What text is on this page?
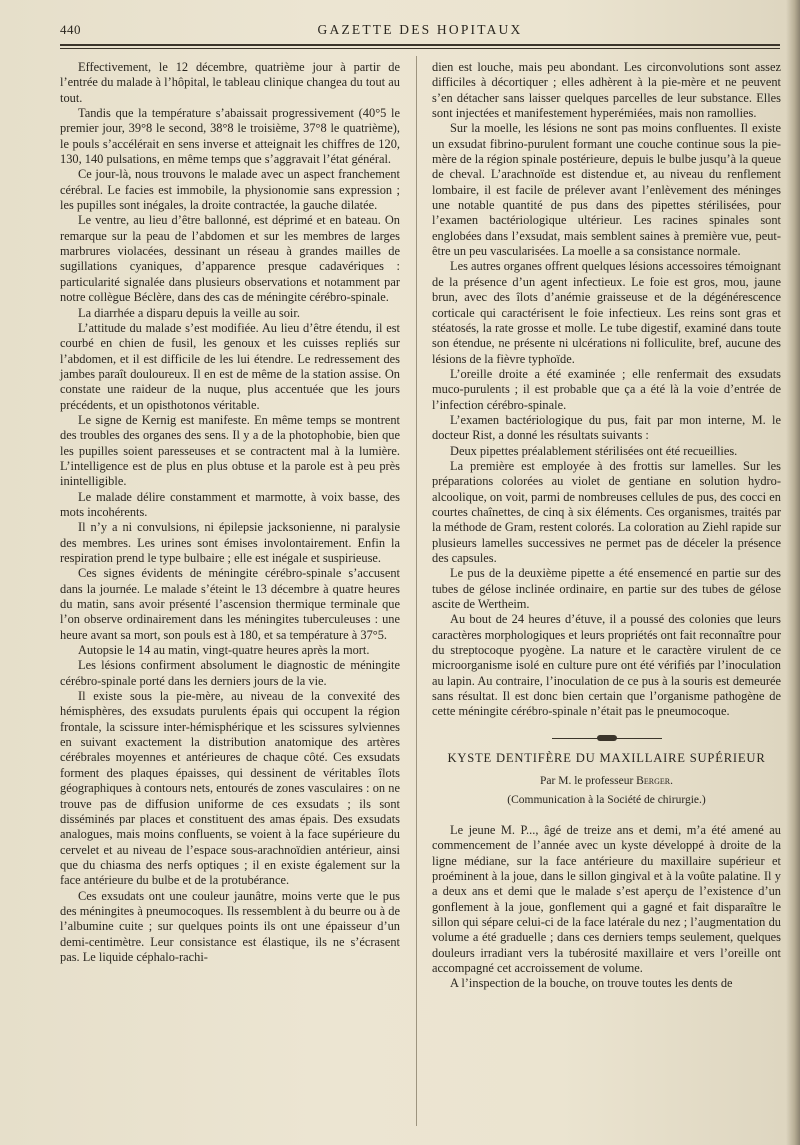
440	GAZETTE DES HOPITAUX

Effectivement, le 12 décembre, quatrième jour à partir de l’entrée du malade à l’hôpital, le tableau clinique changea du tout au tout.

Tandis que la température s’abaissait progressivement (40°5 le premier jour, 39°8 le second, 38°8 le troisième, 37°8 le quatrième), le pouls s’accélérait en sens inverse et atteignait les chiffres de 120, 130, 140 pulsations, en même temps que s’aggravait l’état général.

Ce jour-là, nous trouvons le malade avec un aspect franchement cérébral. Le facies est immobile, la physionomie sans expression ; les pupilles sont inégales, la droite contractée, la gauche dilatée.

Le ventre, au lieu d’être ballonné, est déprimé et en bateau. On remarque sur la peau de l’abdomen et sur les membres de larges marbrures violacées, dessinant un réseau à grandes mailles de sugillations cyaniques, d’apparence presque cadavériques : particularité signalée dans plusieurs observations et notamment par notre collègue Béclère, dans des cas de méningite cérébro-spinale.

La diarrhée a disparu depuis la veille au soir.

L’attitude du malade s’est modifiée. Au lieu d’être étendu, il est courbé en chien de fusil, les genoux et les cuisses repliés sur l’abdomen, et il est difficile de les lui étendre. Le redressement des jambes paraît douloureux. Il en est de même de la station assise. On constate une raideur de la nuque, plus accentuée que les jours précédents, et un opisthotonos véritable.

Le signe de Kernig est manifeste. En même temps se montrent des troubles des organes des sens. Il y a de la photophobie, bien que les pupilles soient paresseuses et se contractent mal à la lumière. L’intelligence est de plus en plus obtuse et la parole est à peu près inintelligible.

Le malade délire constamment et marmotte, à voix basse, des mots incohérents.

Il n’y a ni convulsions, ni épilepsie jacksonienne, ni paralysie des membres. Les urines sont émises involontairement. Enfin la respiration prend le type bulbaire ; elle est inégale et suspirieuse.

Ces signes évidents de méningite cérébro-spinale s’accusent dans la journée. Le malade s’éteint le 13 décembre à quatre heures du matin, sans avoir présenté l’ascension thermique terminale que l’on observe ordinairement dans les méningites tuberculeuses : une heure avant sa mort, son pouls est à 180, et sa température à 37°5.

Autopsie le 14 au matin, vingt-quatre heures après la mort.

Les lésions confirment absolument le diagnostic de méningite cérébro-spinale porté dans les derniers jours de la vie.

Il existe sous la pie-mère, au niveau de la convexité des hémisphères, des exsudats purulents épais qui occupent la région frontale, la scissure inter-hémisphérique et les scissures sylviennes en suivant exactement la distribution anatomique des artères cérébrales moyennes et antérieures de chaque côté. Ces exsudats forment des plaques épaisses, qui dessinent de véritables îlots géographiques à contours nets, entourés de zones vasculaires : on ne trouve pas de diffusion uniforme de ces exsudats ; ils sont disséminés par places et constituent des amas épais. Des exsudats analogues, mais moins confluents, se voient à la face supérieure du cervelet et au niveau de l’espace sous-arachnoïdien antérieur, ainsi que du chiasma des nerfs optiques ; il en existe également sur la face antérieure du bulbe et de la protubérance.

Ces exsudats ont une couleur jaunâtre, moins verte que le pus des méningites à pneumocoques. Ils ressemblent à du beurre ou à de l’albumine cuite ; sur quelques points ils ont une épaisseur d’un demi-centimètre. Leur consistance est élastique, ils ne s’écrasent pas. Le liquide céphalo-rachi-

dien est louche, mais peu abondant. Les circonvolutions sont assez difficiles à décortiquer ; elles adhèrent à la pie-mère et ne peuvent s’en détacher sans laisser quelques parcelles de leur substance. Elles sont injectées et manifestement hyperémiées, mais non ramollies.

Sur la moelle, les lésions ne sont pas moins confluentes. Il existe un exsudat fibrino-purulent formant une couche continue sous la pie-mère de la région spinale postérieure, depuis le bulbe jusqu’à la queue de cheval. L’arachnoïde est distendue et, au niveau du renflement lombaire, il est facile de prélever avant l’enlèvement des méninges une notable quantité de pus dans des pipettes stérilisées, pour l’examen bactériologique ultérieur. Les racines spinales sont englobées dans l’exsudat, mais semblent saines à première vue, peut-être un peu vascularisées. La moelle a sa consistance normale.

Les autres organes offrent quelques lésions accessoires témoignant de la présence d’un agent infectieux. Le foie est gros, mou, jaune brun, avec des îlots d’anémie graisseuse et de la dégénérescence corticale qui caractérisent le foie infectieux. Les reins sont gras et stéatosés, la rate grosse et molle. Le tube digestif, examiné dans toute son étendue, ne présente ni ulcérations ni folliculite, bref, aucune des lésions de la fièvre typhoïde.

L’oreille droite a été examinée ; elle renfermait des exsudats muco-purulents ; il est probable que ça a été là la voie d’entrée de l’infection cérébro-spinale.

L’examen bactériologique du pus, fait par mon interne, M. le docteur Rist, a donné les résultats suivants :

Deux pipettes préalablement stérilisées ont été recueillies.

La première est employée à des frottis sur lamelles. Sur les préparations colorées au violet de gentiane en solution hydro-alcoolique, on voit, parmi de nombreuses cellules de pus, des cocci en courtes chaînettes, de cinq à six éléments. Ces organismes, traités par la méthode de Gram, restent colorés. La coloration au Ziehl rapide sur plusieurs lamelles successives ne permet pas de déceler la présence des capsules.

Le pus de la deuxième pipette a été ensemencé en partie sur des tubes de gélose inclinée ordinaire, en partie sur des tubes de gélose ascite de Wertheim.

Au bout de 24 heures d’étuve, il a poussé des colonies que leurs caractères morphologiques et leurs propriétés ont fait reconnaître pour du streptocoque pyogène. La nature et le caractère virulent de ce microorganisme isolé en culture pure ont été vérifiés par l’inoculation au lapin. Au contraire, l’inoculation de ce pus à la souris est demeurée sans résultat. Il est donc bien certain que l’organisme pathogène de cette méningite cérébro-spinale n’était pas le pneumocoque.

KYSTE DENTIFÈRE DU MAXILLAIRE SUPÉRIEUR
Par M. le professeur Berger.
(Communication à la Société de chirurgie.)

Le jeune M. P..., âgé de treize ans et demi, m’a été amené au commencement de l’année avec un kyste développé à droite de la ligne médiane, sur la face antérieure du maxillaire supérieur et proéminent à la joue, dans le sillon gingival et à la voûte palatine. Il y a deux ans et demi que le malade s’est aperçu de l’existence d’un gonflement à la joue, gonflement qui a gagné et fait disparaître le sillon qui sépare celui-ci de la face latérale du nez ; l’augmentation du volume a été graduelle ; dans ces derniers temps seulement, quelques douleurs irradiant vers la tubérosité maxillaire et vers l’oreille ont accompagné cet accroissement de volume.

A l’inspection de la bouche, on trouve toutes les dents de
